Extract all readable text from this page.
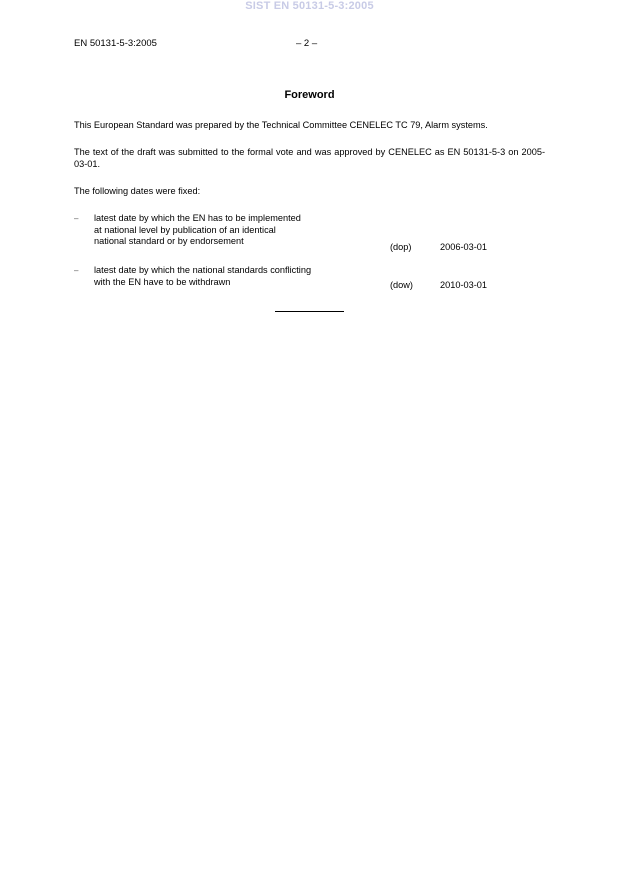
SIST EN 50131-5-3:2005
EN 50131-5-3:2005	– 2 –
Foreword
This European Standard was prepared by the Technical Committee CENELEC TC 79, Alarm systems.
The text of the draft was submitted to the formal vote and was approved by CENELEC as EN 50131-5-3 on 2005-03-01.
The following dates were fixed:
– latest date by which the EN has to be implemented
at national level by publication of an identical
national standard or by endorsement
(dop)	2006-03-01
– latest date by which the national standards conflicting
with the EN have to be withdrawn	(dow)	2010-03-01
